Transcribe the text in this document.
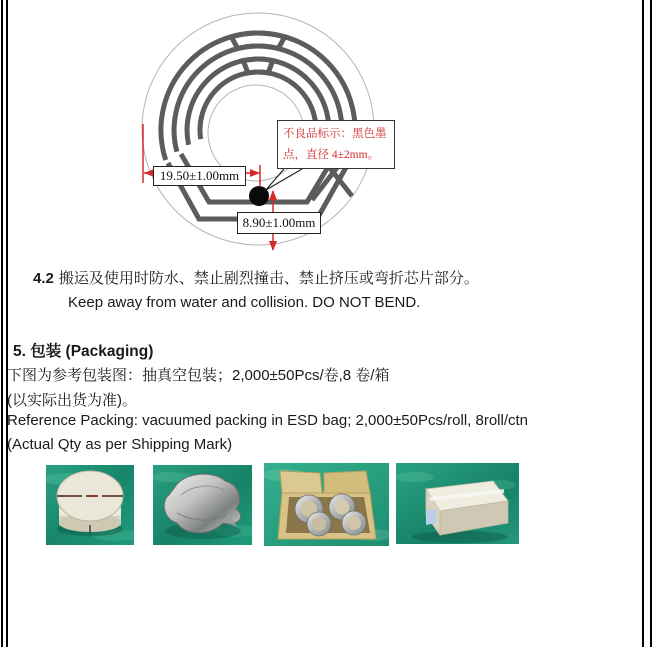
19.50±1.00mm
8.90±1.00mm
不良品标示：黑色墨
点，直径 4±2mm。
4.2 搬运及使用时防水、禁止剧烈撞击、禁止挤压或弯折芯片部分。
Keep away from water and collision. DO NOT BEND.
5. 包装 (Packaging)
下图为参考包装图：抽真空包装；2,000±50Pcs/卷,8 卷/箱
(以实际出货为准)。
Reference Packing: vacuumed packing in ESD bag; 2,000±50Pcs/roll, 8roll/ctn
(Actual Qty as per Shipping Mark)
